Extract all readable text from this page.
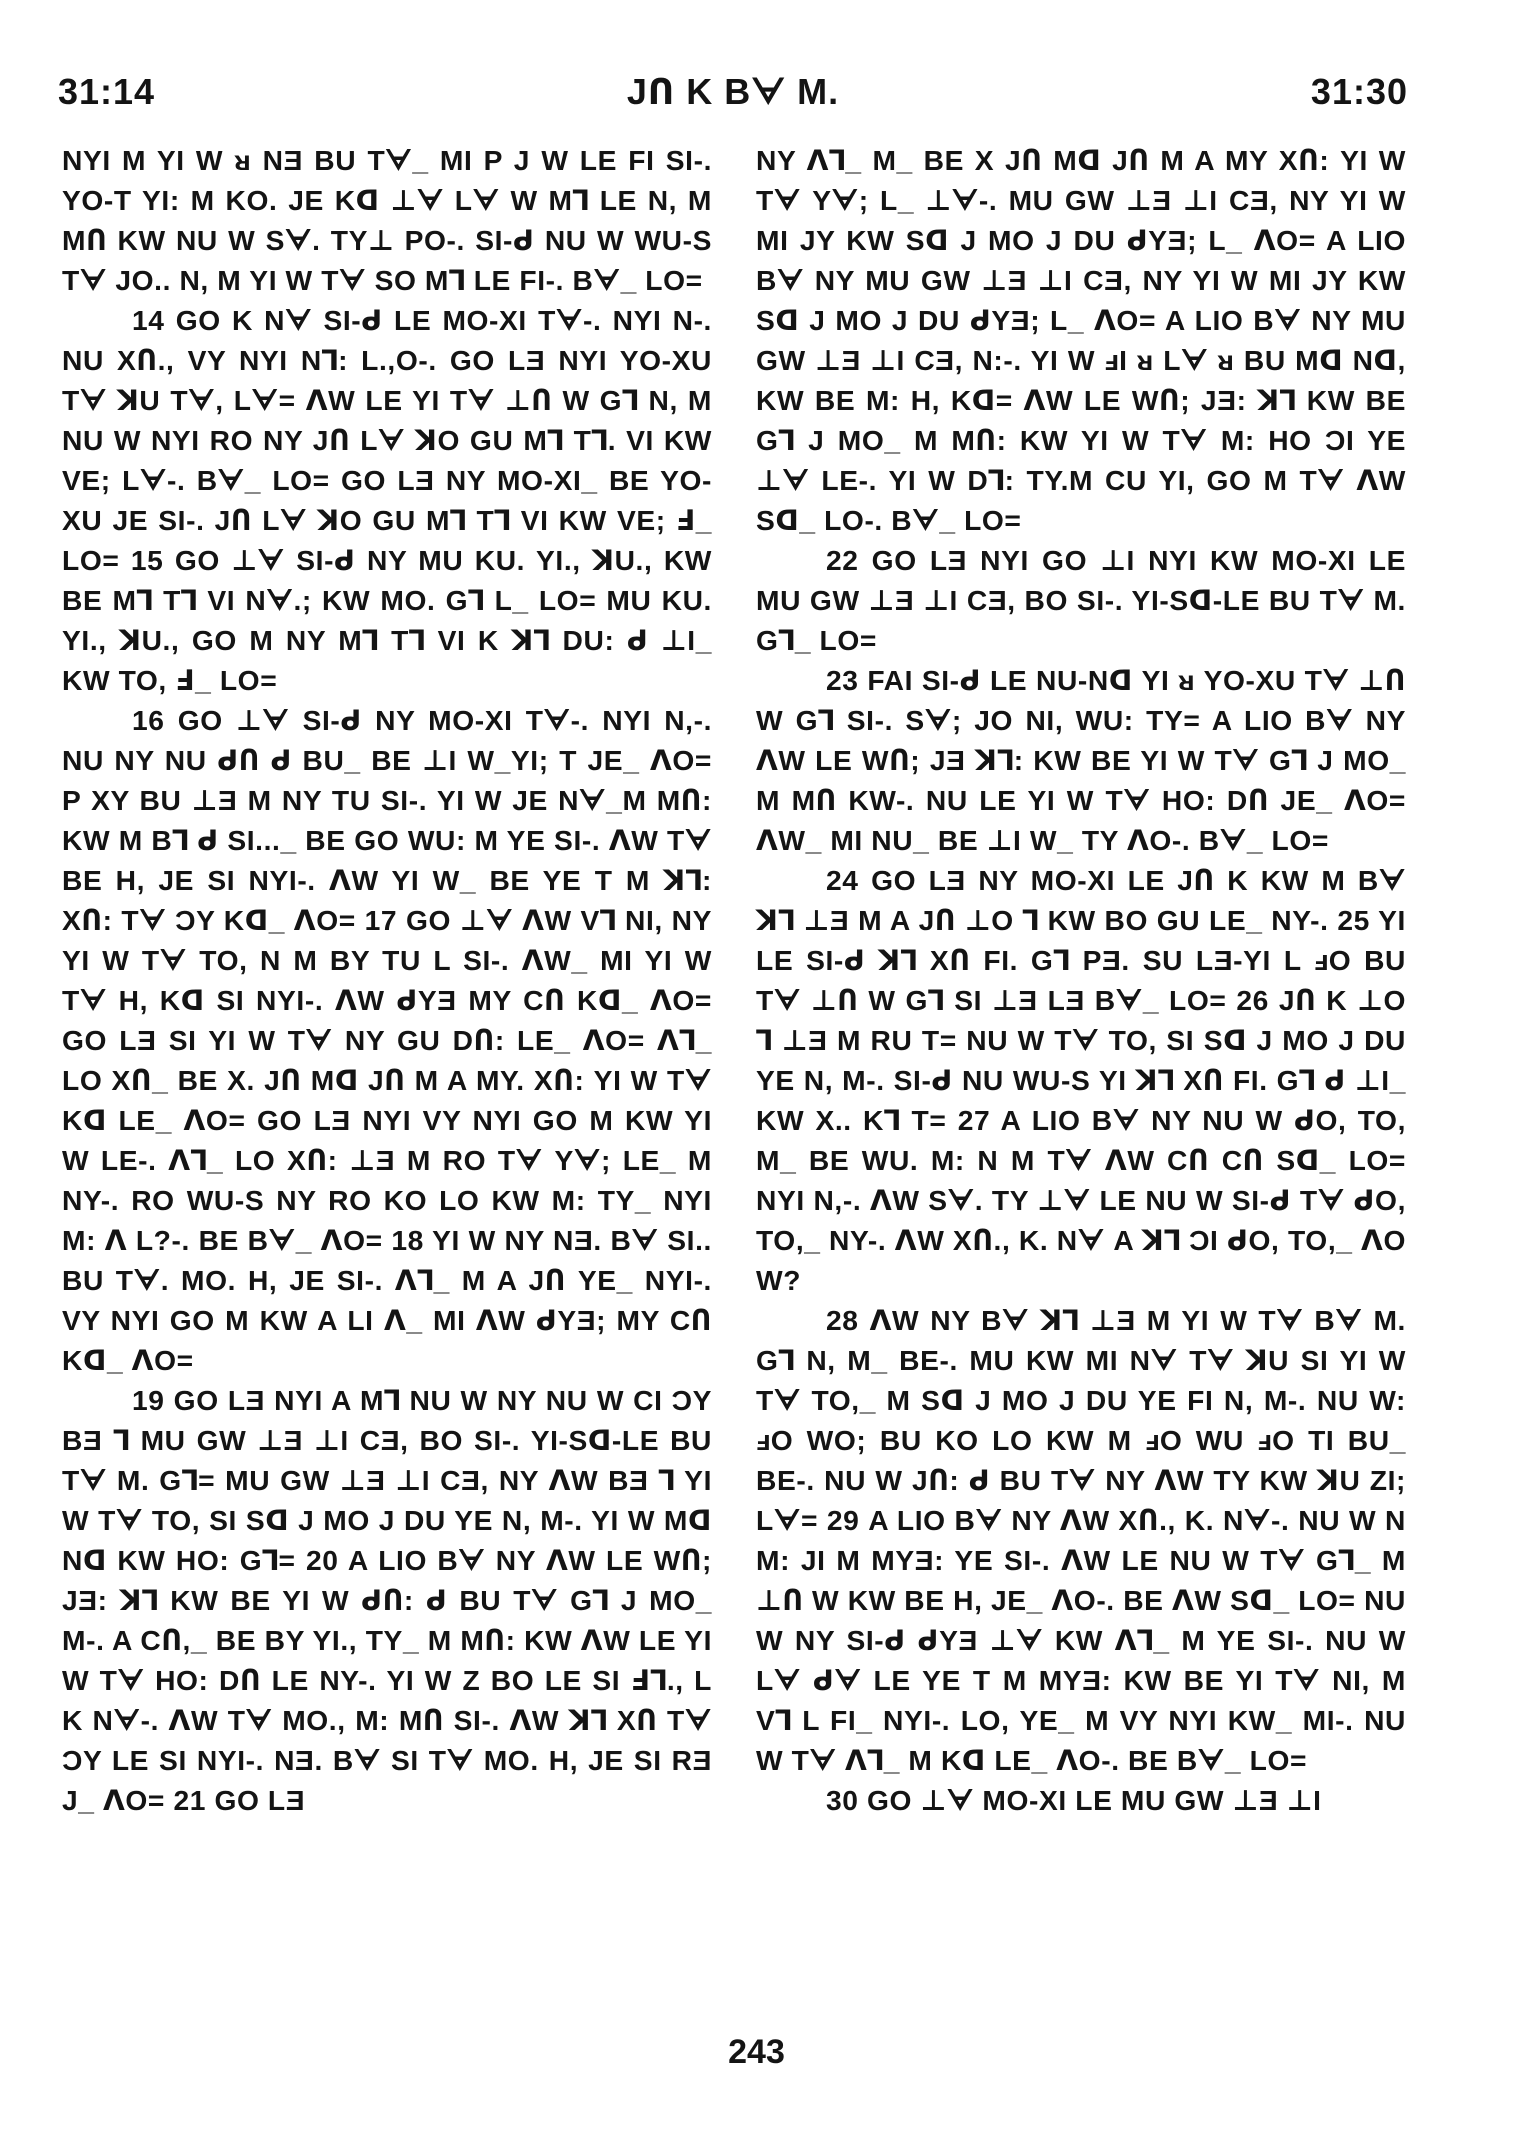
JՈ K Bᗄ M.
31:14	31:30

NYI M YI W ᴚ NƎ BU Tᗄ_ MI P J W LE FI SI-. YO-T YI: M KO. JE Kᗡ ⊥ᗄ Lᗄ W M⅂ LE N, M MՈ KW NU W Sᗄ. TY⊥ PO-. SI-ᑯ NU W WU-S Tᗄ JO.. N, M YI W Tᗄ SO M⅂ LE FI-. Bᗄ_ LO=

14 GO K Nᗄ SI-ᑯ LE MO-XI Tᗄ-. NYI N-. NU XՈ., VY NYI N⅂: L.,O-. GO LƎ NYI YO-XU Tᗄ ꓘU Tᗄ, Lᗄ= ᐱW LE YI Tᗄ ⊥Ո W G⅂ N, M NU W NYI RO NY JՈ Lᗄ ꓘO GU M⅂ T⅂. VI KW VE; Lᗄ-. Bᗄ_ LO= GO LƎ NY MO-XI_ BE YO-XU JE SI-. JՈ Lᗄ ꓘO GU M⅂ T⅂ VI KW VE; Ⅎ_ LO= 15 GO ⊥ᗄ SI-ᑯ NY MU KU. YI., ꓘU., KW BE M⅂ T⅂ VI Nᗄ.; KW MO. G⅂ L_ LO= MU KU. YI., ꓘU., GO M NY M⅂ T⅂ VI K ꓘ⅂ DU: ᑯ ⊥I_ KW TO, Ⅎ_ LO=

16 GO ⊥ᗄ SI-ᑯ NY MO-XI Tᗄ-. NYI N,-. NU NY NU ᑯՈ ᑯ BU_ BE ⊥I W_YI; T JE_ ᐱO= P XY BU ⊥Ǝ M NY TU SI-. YI W JE Nᗄ_M MՈ: KW M B⅂ ᑯ SI..._ BE GO WU: M YE SI-. ᐱW Tᗄ BE H, JE SI NYI-. ᐱW YI W_ BE YE T M ꓘ⅂: XՈ: Tᗄ ƆY Kᗡ_ ᐱO= 17 GO ⊥ᗄ ᐱW V⅂ NI, NY YI W Tᗄ TO, N M BY TU L SI-. ᐱW_ MI YI W Tᗄ H, Kᗡ SI NYI-. ᐱW ᑯYƎ MY CՈ Kᗡ_ ᐱO= GO LƎ SI YI W Tᗄ NY GU DՈ: LE_ ᐱO= ᐱ⅂_ LO XՈ_ BE X. JՈ Mᗡ JՈ M A MY. XՈ: YI W Tᗄ Kᗡ LE_ ᐱO= GO LƎ NYI VY NYI GO M KW YI W LE-. ᐱ⅂_ LO XՈ: ⊥Ǝ M RO Tᗄ Yᗄ; LE_ M NY-. RO WU-S NY RO KO LO KW M: TY_ NYI M: ᐱ L?-. BE Bᗄ_ ᐱO= 18 YI W NY NƎ. Bᗄ SI.. BU Tᗄ. MO. H, JE SI-. ᐱ⅂_ M A JՈ YE_ NYI-. VY NYI GO M KW A LI ᐱ_ MI ᐱW ᑯYƎ; MY CՈ Kᗡ_ ᐱO=

19 GO LƎ NYI A M⅂ NU W NY NU W CI ƆY BƎ ⅂ MU GW ⊥Ǝ ⊥I CƎ, BO SI-. YI-Sᗡ-LE BU Tᗄ M. G⅂= MU GW ⊥Ǝ ⊥I CƎ, NY ᐱW BƎ ⅂ YI W Tᗄ TO, SI Sᗡ J MO J DU YE N, M-. YI W Mᗡ Nᗡ KW HO: G⅂= 20 A LIO Bᗄ NY ᐱW LE WՈ; JƎ: ꓘ⅂ KW BE YI W ᑯՈ: ᑯ BU Tᗄ G⅂ J MO_ M-. A CՈ,_ BE BY YI., TY_ M MՈ: KW ᐱW LE YI W Tᗄ HO: DՈ LE NY-. YI W Z BO LE SI Ⅎ⅂., L K Nᗄ-. ᐱW Tᗄ MO., M: MՈ SI-. ᐱW ꓘ⅂ XՈ Tᗄ ƆY LE SI NYI-. NƎ. Bᗄ SI Tᗄ MO. H, JE SI RƎ J_ ᐱO= 21 GO LƎ

NY ᐱ⅂_ M_ BE X JՈ Mᗡ JՈ M A MY XՈ: YI W Tᗄ Yᗄ; L_ ⊥ᗄ-. MU GW ⊥Ǝ ⊥I CƎ, NY YI W MI JY KW Sᗡ J MO J DU ᑯYƎ; L_ ᐱO= A LIO Bᗄ NY MU GW ⊥Ǝ ⊥I CƎ, NY YI W MI JY KW Sᗡ J MO J DU ᑯYƎ; L_ ᐱO= A LIO Bᗄ NY MU GW ⊥Ǝ ⊥I CƎ, N:-. YI W ⅎI ᴚ Lᗄ ᴚ BU Mᗡ Nᗡ, KW BE M: H, Kᗡ= ᐱW LE WՈ; JƎ: ꓘ⅂ KW BE G⅂ J MO_ M MՈ: KW YI W Tᗄ M: HO ƆI YE ⊥ᗄ LE-. YI W D⅂: TY.M CU YI, GO M Tᗄ ᐱW Sᗡ_ LO-. Bᗄ_ LO=

22 GO LƎ NYI GO ⊥I NYI KW MO-XI LE MU GW ⊥Ǝ ⊥I CƎ, BO SI-. YI-Sᗡ-LE BU Tᗄ M. G⅂_ LO=

23 FAI SI-ᑯ LE NU-Nᗡ YI ᴚ YO-XU Tᗄ ⊥Ո W G⅂ SI-. Sᗄ; JO NI, WU: TY= A LIO Bᗄ NY ᐱW LE WՈ; JƎ ꓘ⅂: KW BE YI W Tᗄ G⅂ J MO_ M MՈ KW-. NU LE YI W Tᗄ HO: DՈ JE_ ᐱO= ᐱW_ MI NU_ BE ⊥I W_ TY ᐱO-. Bᗄ_ LO=

24 GO LƎ NY MO-XI LE JՈ K KW M Bᗄ ꓘ⅂ ⊥Ǝ M A JՈ ⊥O ⅂ KW BO GU LE_ NY-. 25 YI LE SI-ᑯ ꓘ⅂ XՈ FI. G⅂ PƎ. SU LƎ-YI L ⅎO BU Tᗄ ⊥Ո W G⅂ SI ⊥Ǝ LƎ Bᗄ_ LO= 26 JՈ K ⊥O ⅂ ⊥Ǝ M RU T= NU W Tᗄ TO, SI Sᗡ J MO J DU YE N, M-. SI-ᑯ NU WU-S YI ꓘ⅂ XՈ FI. G⅂ ᑯ ⊥I_ KW X.. K⅂ T= 27 A LIO Bᗄ NY NU W ᑯO, TO, M_ BE WU. M: N M Tᗄ ᐱW CՈ CՈ Sᗡ_ LO= NYI N,-. ᐱW Sᗄ. TY ⊥ᗄ LE NU W SI-ᑯ Tᗄ ᑯO, TO,_ NY-. ᐱW XՈ., K. Nᗄ A ꓘ⅂ ƆI ᑯO, TO,_ ᐱO W?

28 ᐱW NY Bᗄ ꓘ⅂ ⊥Ǝ M YI W Tᗄ Bᗄ M. G⅂ N, M_ BE-. MU KW MI Nᗄ Tᗄ ꓘU SI YI W Tᗄ TO,_ M Sᗡ J MO J DU YE FI N, M-. NU W: ⅎO WO; BU KO LO KW M ⅎO WU ⅎO TI BU_ BE-. NU W JՈ: ᑯ BU Tᗄ NY ᐱW TY KW ꓘU ZI; Lᗄ= 29 A LIO Bᗄ NY ᐱW XՈ., K. Nᗄ-. NU W N M: JI M MYƎ: YE SI-. ᐱW LE NU W Tᗄ G⅂_ M ⊥Ո W KW BE H, JE_ ᐱO-. BE ᐱW Sᗡ_ LO= NU W NY SI-ᑯ ᑯYƎ ⊥ᗄ KW ᐱ⅂_ M YE SI-. NU W Lᗄ ᑯᗄ LE YE T M MYƎ: KW BE YI Tᗄ NI, M V⅂ L FI_ NYI-. LO, YE_ M VY NYI KW_ MI-. NU W Tᗄ ᐱ⅂_ M Kᗡ LE_ ᐱO-. BE Bᗄ_ LO=

30 GO ⊥ᗄ MO-XI LE MU GW ⊥Ǝ ⊥I

243
